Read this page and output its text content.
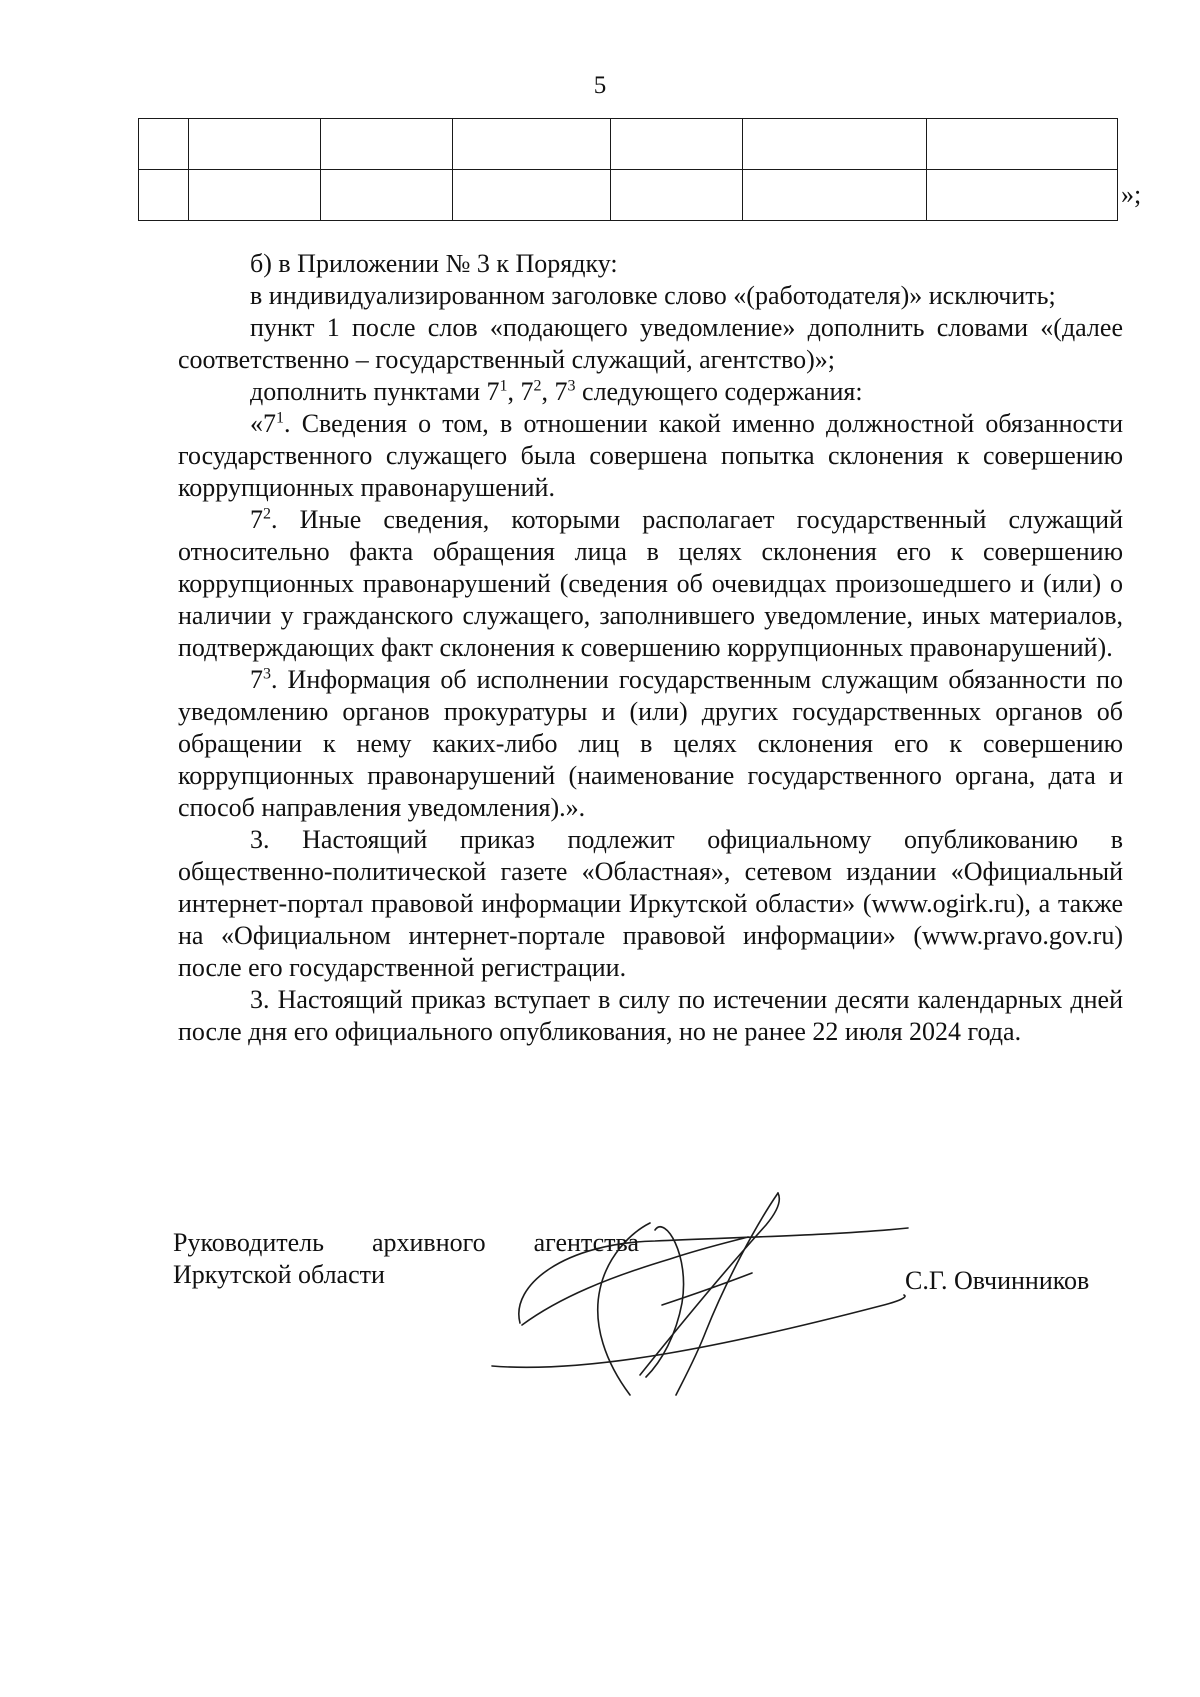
5

»;

б) в Приложении № 3 к Порядку:

в индивидуализированном заголовке слово «(работодателя)» исключить;

пункт 1 после слов «подающего уведомление» дополнить словами «(далее соответственно – государственный служащий, агентство)»;

дополнить пунктами $7^1$, $7^2$, $7^3$ следующего содержания:

«$7^1$. Сведения о том, в отношении какой именно должностной обязанности государственного служащего была совершена попытка склонения к совершению коррупционных правонарушений.

$7^2$. Иные сведения, которыми располагает государственный служащий относительно факта обращения лица в целях склонения его к совершению коррупционных правонарушений (сведения об очевидцах произошедшего и (или) о наличии у гражданского служащего, заполнившего уведомление, иных материалов, подтверждающих факт склонения к совершению коррупционных правонарушений).

$7^3$. Информация об исполнении государственным служащим обязанности по уведомлению органов прокуратуры и (или) других государственных органов об обращении к нему каких-либо лиц в целях склонения его к совершению коррупционных правонарушений (наименование государственного органа, дата и способ направления уведомления).».

3. Настоящий приказ подлежит официальному опубликованию в общественно-политической газете «Областная», сетевом издании «Официальный интернет-портал правовой информации Иркутской области» (www.ogirk.ru), а также на «Официальном интернет-портале правовой информации» (www.pravo.gov.ru) после его государственной регистрации.

3. Настоящий приказ вступает в силу по истечении десяти календарных дней после дня его официального опубликования, но не ранее 22 июля 2024 года.

Руководитель архивного агентства
Иркутской области	С.Г. Овчинников
